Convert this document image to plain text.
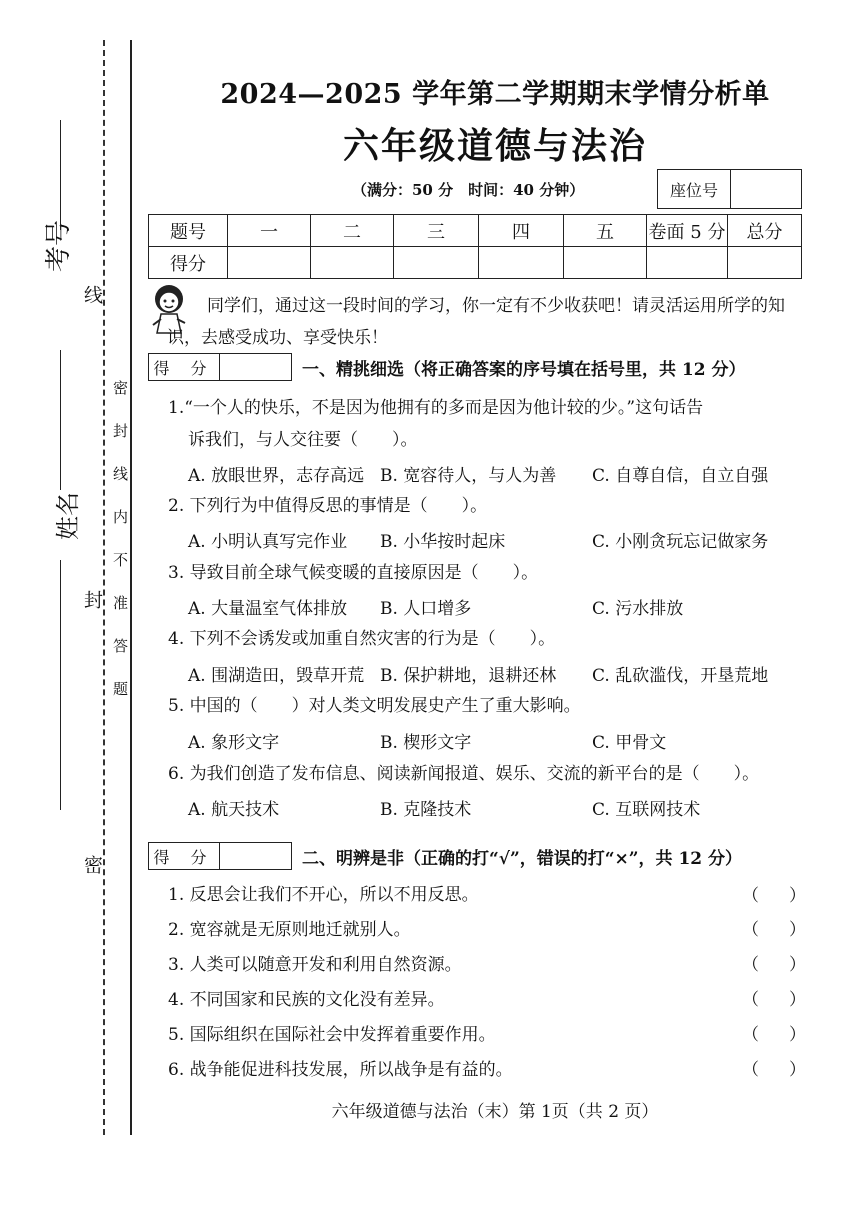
考号
姓名
线
封
密
密封线内不准答题
2024—2025 学年第二学期期末学情分析单
六年级道德与法治
（满分：50 分　时间：40 分钟）	座位号
题号	一	二	三	四	五	卷面 5 分	总分
得分							
同学们，通过这一段时间的学习，你一定有不少收获吧！请灵活运用所学的知识，去感受成功、享受快乐！
得 分	一、精挑细选（将正确答案的序号填在括号里，共 12 分）
1.“一个人的快乐，不是因为他拥有的多而是因为他计较的少。”这句话告
诉我们，与人交往要（　　）。
A. 放眼世界，志存高远 B. 宽容待人，与人为善 C. 自尊自信，自立自强
2. 下列行为中值得反思的事情是（　　）。
A. 小明认真写完作业 B. 小华按时起床	C. 小刚贪玩忘记做家务
3. 导致目前全球气候变暖的直接原因是（　　）。
A. 大量温室气体排放 B. 人口增多	C. 污水排放
4. 下列不会诱发或加重自然灾害的行为是（　　）。
A. 围湖造田，毁草开荒 B. 保护耕地，退耕还林 C. 乱砍滥伐，开垦荒地
5. 中国的（　　）对人类文明发展史产生了重大影响。
A. 象形文字	B. 楔形文字	C. 甲骨文
6. 为我们创造了发布信息、阅读新闻报道、娱乐、交流的新平台的是（　　）。
A. 航天技术	B. 克隆技术	C. 互联网技术
得 分	二、明辨是非（正确的打“√”，错误的打“×”，共 12 分）
1. 反思会让我们不开心，所以不用反思。	（）
2. 宽容就是无原则地迁就别人。	（）
3. 人类可以随意开发和利用自然资源。	（）
4. 不同国家和民族的文化没有差异。	（）
5. 国际组织在国际社会中发挥着重要作用。	（）
6. 战争能促进科技发展，所以战争是有益的。	（）
六年级道德与法治（末）第 1页（共 2 页）
